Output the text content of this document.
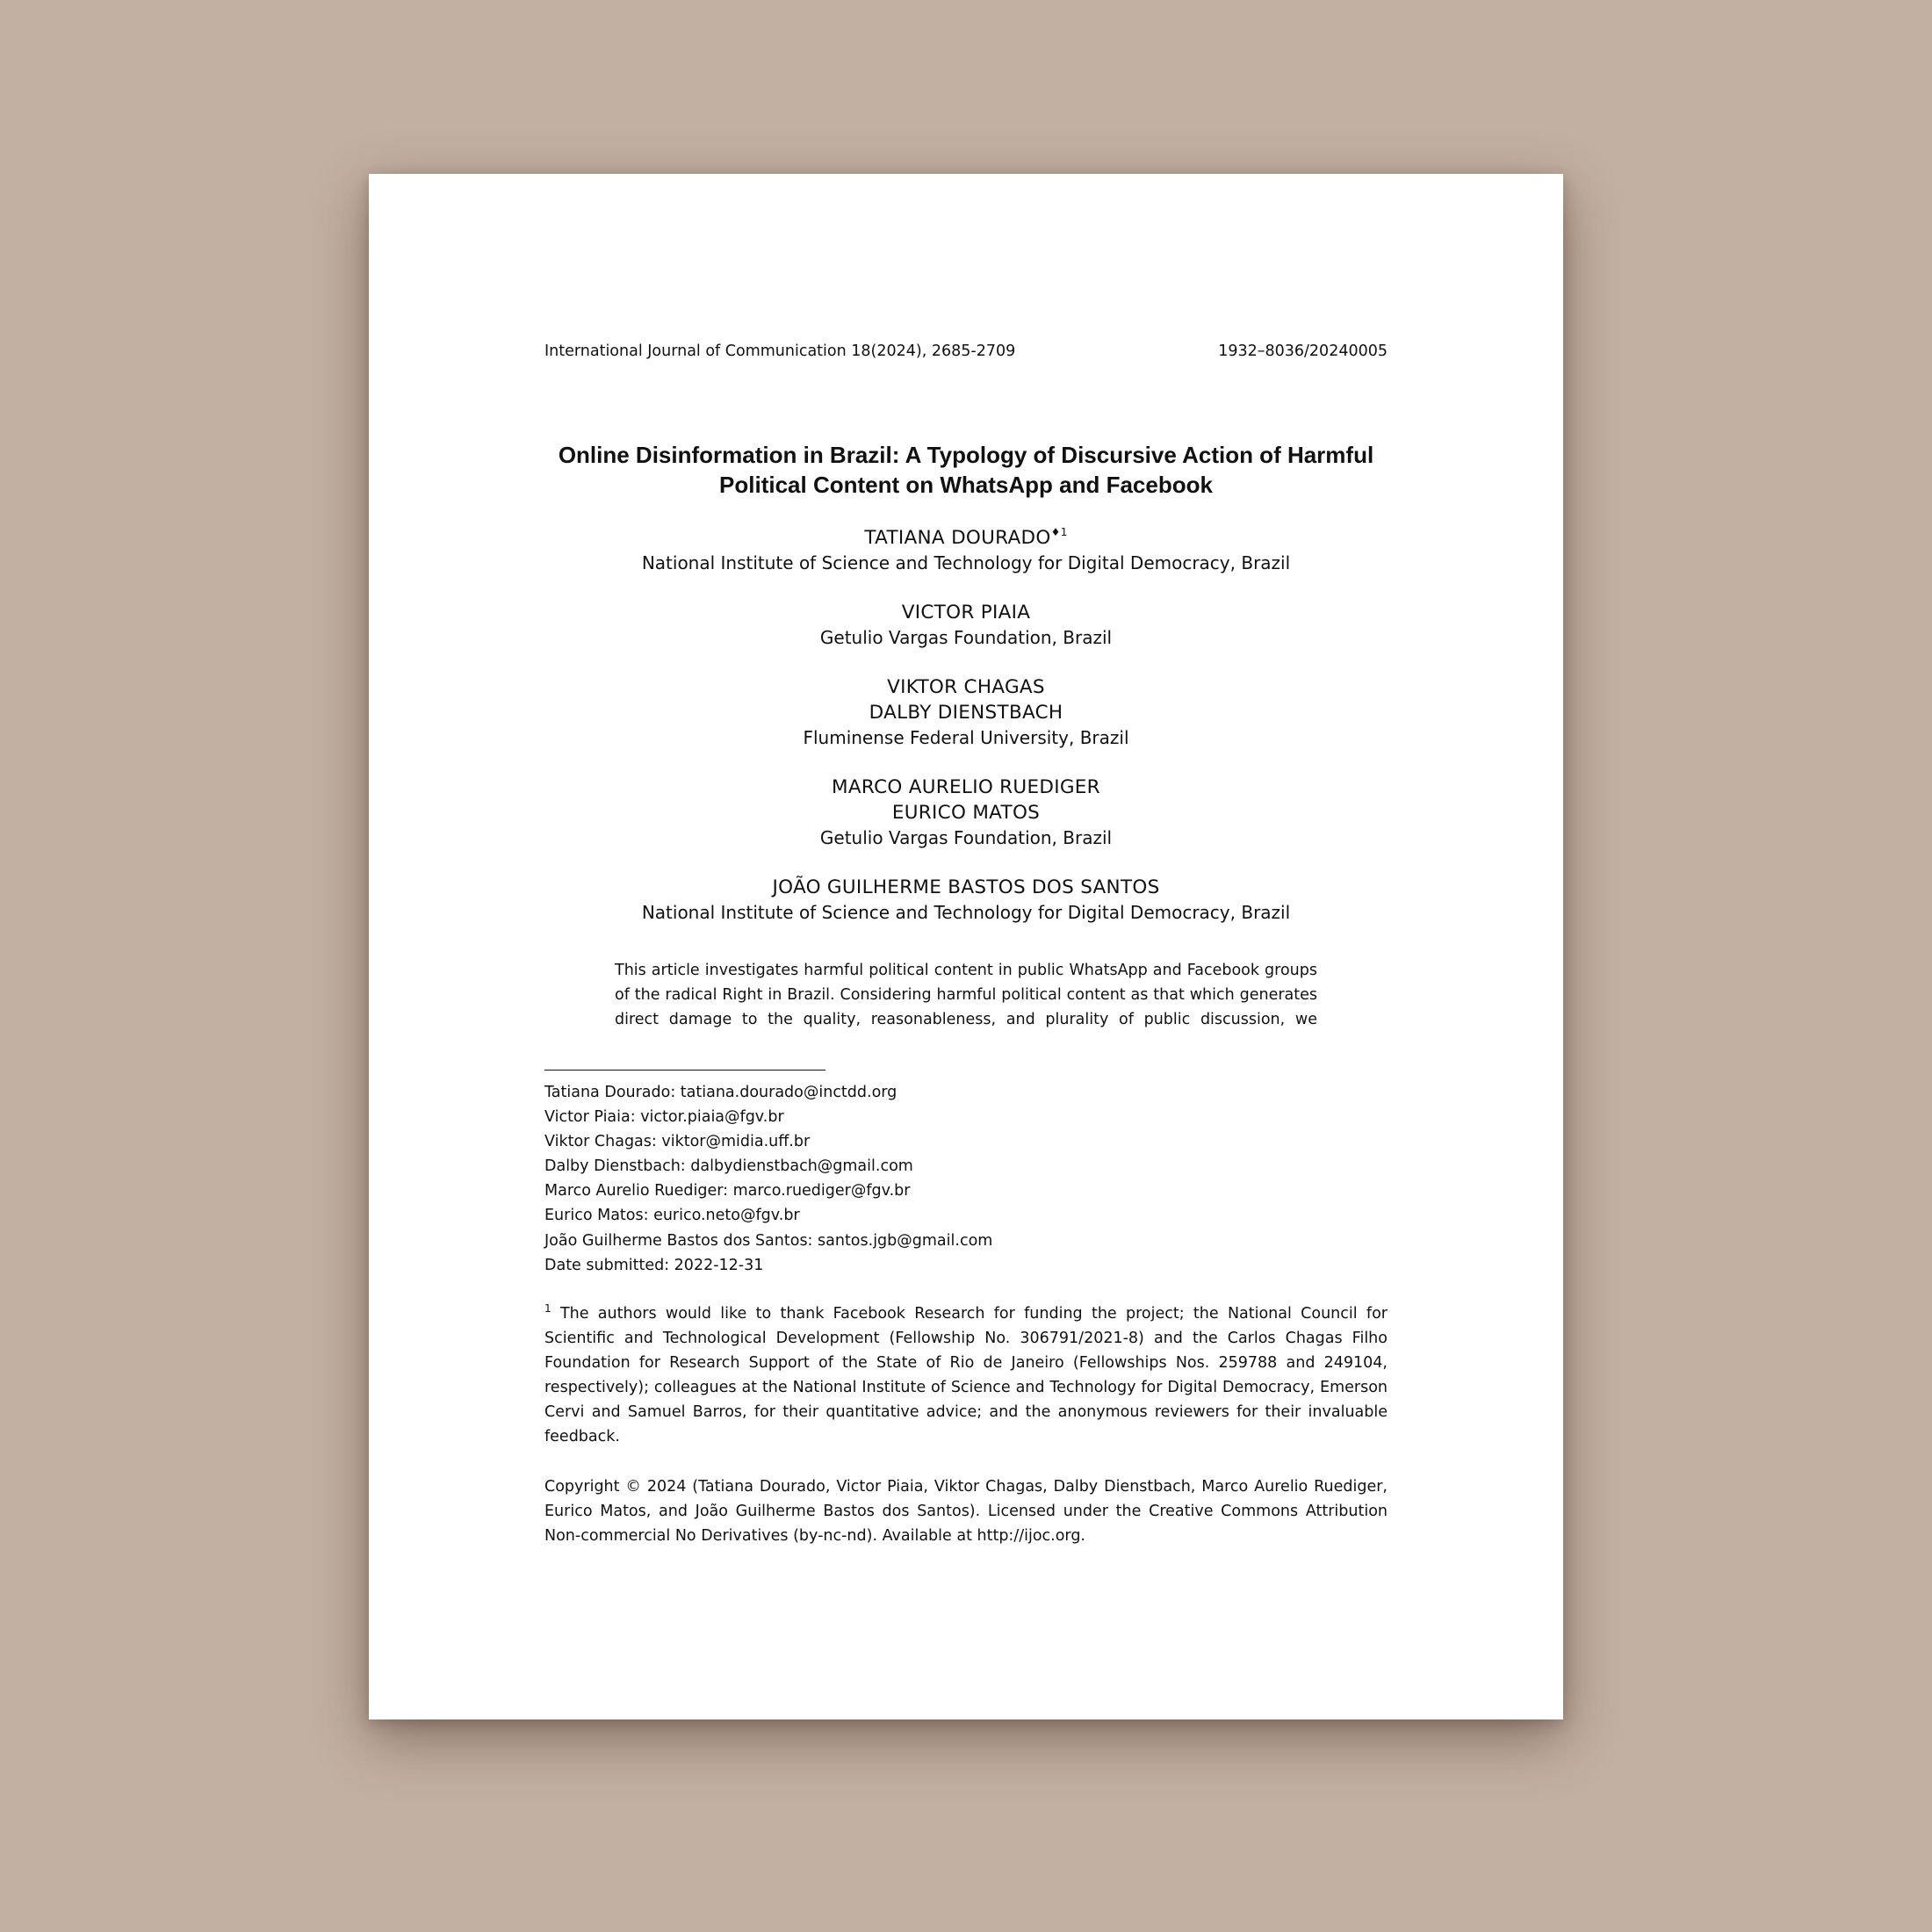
International Journal of Communication 18(2024), 2685-2709	1932–8036/20240005
Online Disinformation in Brazil: A Typology of Discursive Action of Harmful
Political Content on WhatsApp and Facebook
TATIANA $DOURADO^{♦1}$
National Institute of Science and Technology for Digital Democracy, Brazil
VICTOR PIAIA
Getulio Vargas Foundation, Brazil
VIKTOR CHAGAS
DALBY DIENSTBACH
Fluminense Federal University, Brazil
MARCO AURELIO RUEDIGER
EURICO MATOS
Getulio Vargas Foundation, Brazil
JOÃO GUILHERME BASTOS DOS SANTOS
National Institute of Science and Technology for Digital Democracy, Brazil
This article investigates harmful political content in public WhatsApp and Facebook groups
of the radical Right in Brazil. Considering harmful political content as that which generates
direct damage to the quality, reasonableness, and plurality of public discussion, we
Tatiana Dourado: tatiana.dourado@inctdd.org
Victor Piaia: victor.piaia@fgv.br
Viktor Chagas: viktor@midia.uff.br
Dalby Dienstbach: dalbydienstbach@gmail.com
Marco Aurelio Ruediger: marco.ruediger@fgv.br
Eurico Matos: eurico.neto@fgv.br
João Guilherme Bastos dos Santos: santos.jgb@gmail.com
Date submitted: 2022-12-31
$^1$ The authors would like to thank Facebook Research for funding the project; the National Council for Scientific and Technological Development (Fellowship No. 306791/2021-8) and the Carlos Chagas Filho Foundation for Research Support of the State of Rio de Janeiro (Fellowships Nos. 259788 and 249104, respectively); colleagues at the National Institute of Science and Technology for Digital Democracy, Emerson Cervi and Samuel Barros, for their quantitative advice; and the anonymous reviewers for their invaluable feedback.
Copyright © 2024 (Tatiana Dourado, Victor Piaia, Viktor Chagas, Dalby Dienstbach, Marco Aurelio Ruediger, Eurico Matos, and João Guilherme Bastos dos Santos). Licensed under the Creative Commons Attribution Non-commercial No Derivatives (by-nc-nd). Available at http://ijoc.org.
